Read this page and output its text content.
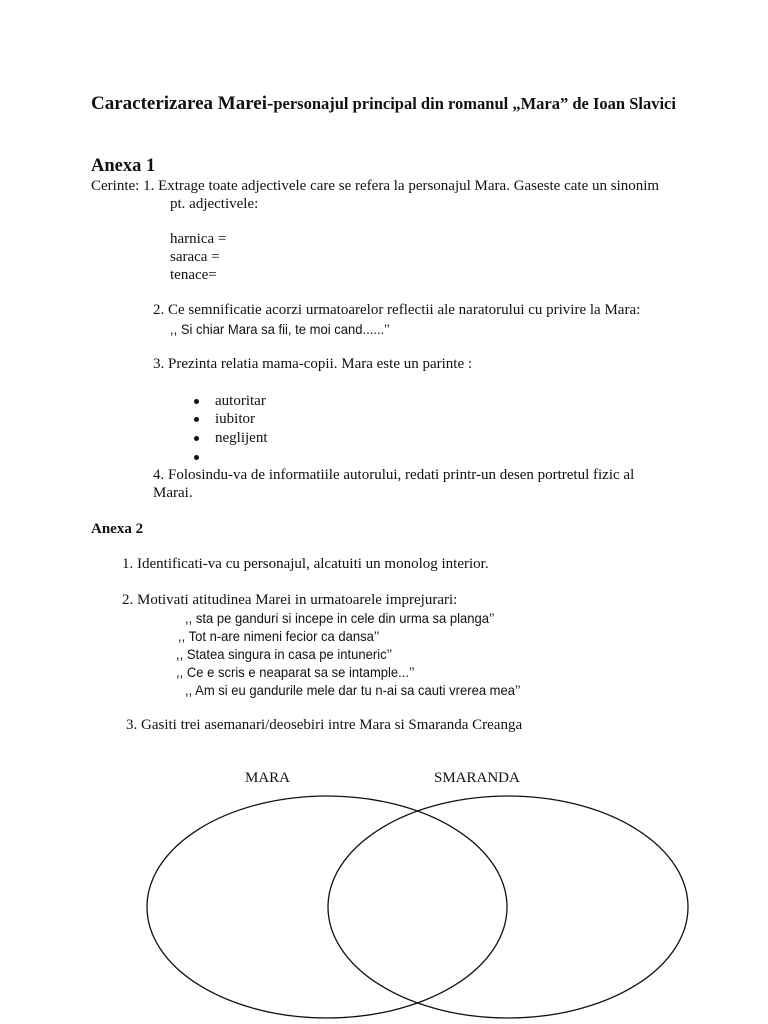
Caracterizarea Marei-personajul principal din romanul „Mara” de Ioan Slavici
Anexa 1
Cerinte: 1. Extrage toate adjectivele care se refera la personajul Mara. Gaseste cate un sinonim
pt. adjectivele:
harnica =
saraca =
tenace=
2. Ce semnificatie acorzi urmatoarelor reflectii ale naratorului cu privire la Mara:
,, Si chiar Mara sa fii, te moi cand......’’
3. Prezinta relatia mama-copii. Mara este un parinte :
autoritar
iubitor
neglijent
4. Folosindu-va de informatiile autorului, redati printr-un desen portretul fizic al
Marai.
Anexa 2
1. Identificati-va cu personajul, alcatuiti un monolog interior.
2. Motivati atitudinea Marei in urmatoarele imprejurari:
,, sta pe ganduri si incepe in cele din urma sa planga’’
,, Tot n-are nimeni fecior ca dansa’’
,, Statea singura in casa pe intuneric’’
,, Ce e scris e neaparat sa se intample...’’
,, Am si eu gandurile mele dar tu n-ai sa cauti vrerea mea’’
3. Gasiti trei asemanari/deosebiri intre Mara si Smaranda Creanga
MARA	SMARANDA
